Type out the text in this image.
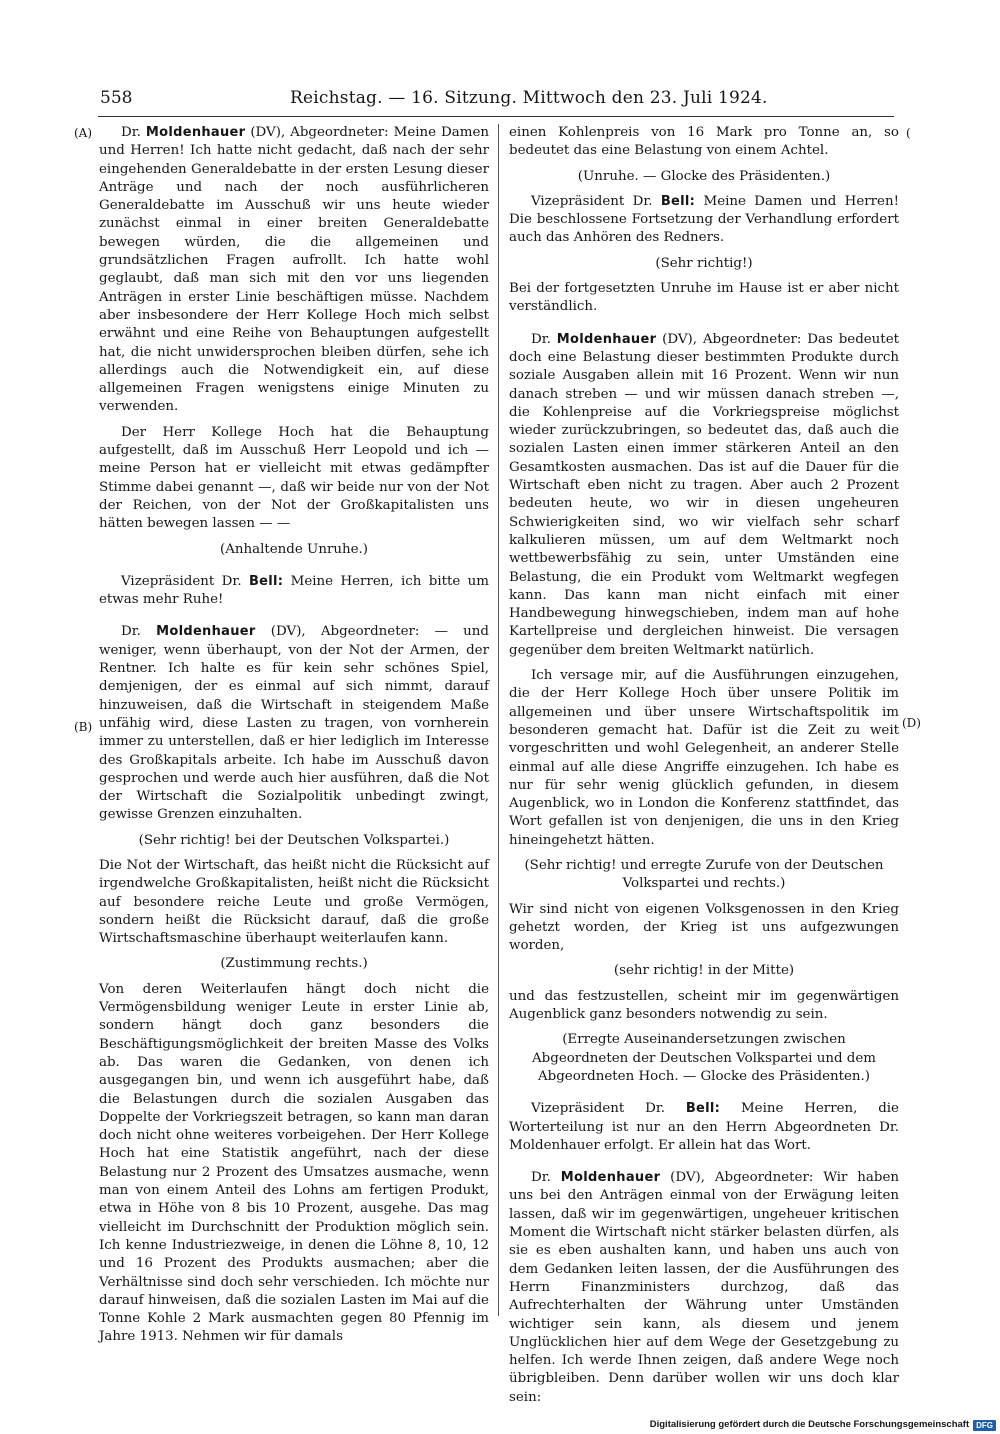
558	Reichstag. — 16. Sitzung. Mittwoch den 23. Juli 1924.
(A)
(B)
(
(D)

Dr. Moldenhauer (DV), Abgeordneter: Meine Damen und Herren! Ich hatte nicht gedacht, daß nach der sehr eingehenden Generaldebatte in der ersten Lesung dieser Anträge und nach der noch ausführlicheren Generaldebatte im Ausschuß wir uns heute wieder zunächst einmal in einer breiten Generaldebatte bewegen würden, die die allgemeinen und grundsätzlichen Fragen aufrollt. Ich hatte wohl geglaubt, daß man sich mit den vor uns liegenden Anträgen in erster Linie beschäftigen müsse. Nachdem aber insbesondere der Herr Kollege Hoch mich selbst erwähnt und eine Reihe von Behauptungen aufgestellt hat, die nicht unwidersprochen bleiben dürfen, sehe ich allerdings auch die Notwendigkeit ein, auf diese allgemeinen Fragen wenigstens einige Minuten zu verwenden.

Der Herr Kollege Hoch hat die Behauptung aufgestellt, daß im Ausschuß Herr Leopold und ich — meine Person hat er vielleicht mit etwas gedämpfter Stimme dabei genannt —, daß wir beide nur von der Not der Reichen, von der Not der Großkapitalisten uns hätten bewegen lassen — —

(Anhaltende Unruhe.)

Vizepräsident Dr. Bell: Meine Herren, ich bitte um etwas mehr Ruhe!

Dr. Moldenhauer (DV), Abgeordneter: — und weniger, wenn überhaupt, von der Not der Armen, der Rentner. Ich halte es für kein sehr schönes Spiel, demjenigen, der es einmal auf sich nimmt, darauf hinzuweisen, daß die Wirtschaft in steigendem Maße unfähig wird, diese Lasten zu tragen, von vornherein immer zu unterstellen, daß er hier lediglich im Interesse des Großkapitals arbeite. Ich habe im Ausschuß davon gesprochen und werde auch hier ausführen, daß die Not der Wirtschaft die Sozialpolitik unbedingt zwingt, gewisse Grenzen einzuhalten.

(Sehr richtig! bei der Deutschen Volkspartei.)

Die Not der Wirtschaft, das heißt nicht die Rücksicht auf irgendwelche Großkapitalisten, heißt nicht die Rücksicht auf besondere reiche Leute und große Vermögen, sondern heißt die Rücksicht darauf, daß die große Wirtschaftsmaschine überhaupt weiterlaufen kann.

(Zustimmung rechts.)

Von deren Weiterlaufen hängt doch nicht die Vermögensbildung weniger Leute in erster Linie ab, sondern hängt doch ganz besonders die Beschäftigungsmöglichkeit der breiten Masse des Volks ab. Das waren die Gedanken, von denen ich ausgegangen bin, und wenn ich ausgeführt habe, daß die Belastungen durch die sozialen Ausgaben das Doppelte der Vorkriegszeit betragen, so kann man daran doch nicht ohne weiteres vorbeigehen. Der Herr Kollege Hoch hat eine Statistik angeführt, nach der diese Belastung nur 2 Prozent des Umsatzes ausmache, wenn man von einem Anteil des Lohns am fertigen Produkt, etwa in Höhe von 8 bis 10 Prozent, ausgehe. Das mag vielleicht im Durchschnitt der Produktion möglich sein. Ich kenne Industriezweige, in denen die Löhne 8, 10, 12 und 16 Prozent des Produkts ausmachen; aber die Verhältnisse sind doch sehr verschieden. Ich möchte nur darauf hinweisen, daß die sozialen Lasten im Mai auf die Tonne Kohle 2 Mark ausmachten gegen 80 Pfennig im Jahre 1913. Nehmen wir für damals

einen Kohlenpreis von 16 Mark pro Tonne an, so bedeutet das eine Belastung von einem Achtel.

(Unruhe. — Glocke des Präsidenten.)

Vizepräsident Dr. Bell: Meine Damen und Herren! Die beschlossene Fortsetzung der Verhandlung erfordert auch das Anhören des Redners.

(Sehr richtig!)

Bei der fortgesetzten Unruhe im Hause ist er aber nicht verständlich.

Dr. Moldenhauer (DV), Abgeordneter: Das bedeutet doch eine Belastung dieser bestimmten Produkte durch soziale Ausgaben allein mit 16 Prozent. Wenn wir nun danach streben — und wir müssen danach streben —, die Kohlenpreise auf die Vorkriegspreise möglichst wieder zurückzubringen, so bedeutet das, daß auch die sozialen Lasten einen immer stärkeren Anteil an den Gesamtkosten ausmachen. Das ist auf die Dauer für die Wirtschaft eben nicht zu tragen. Aber auch 2 Prozent bedeuten heute, wo wir in diesen ungeheuren Schwierigkeiten sind, wo wir vielfach sehr scharf kalkulieren müssen, um auf dem Weltmarkt noch wettbewerbsfähig zu sein, unter Umständen eine Belastung, die ein Produkt vom Weltmarkt wegfegen kann. Das kann man nicht einfach mit einer Handbewegung hinwegschieben, indem man auf hohe Kartellpreise und dergleichen hinweist. Die versagen gegenüber dem breiten Weltmarkt natürlich.

Ich versage mir, auf die Ausführungen einzugehen, die der Herr Kollege Hoch über unsere Politik im allgemeinen und über unsere Wirtschaftspolitik im besonderen gemacht hat. Dafür ist die Zeit zu weit vorgeschritten und wohl Gelegenheit, an anderer Stelle einmal auf alle diese Angriffe einzugehen. Ich habe es nur für sehr wenig glücklich gefunden, in diesem Augenblick, wo in London die Konferenz stattfindet, das Wort gefallen ist von denjenigen, die uns in den Krieg hineingehetzt hätten.

(Sehr richtig! und erregte Zurufe von der Deutschen Volkspartei und rechts.)

Wir sind nicht von eigenen Volksgenossen in den Krieg gehetzt worden, der Krieg ist uns aufgezwungen worden,

(sehr richtig! in der Mitte)

und das festzustellen, scheint mir im gegenwärtigen Augenblick ganz besonders notwendig zu sein.

(Erregte Auseinandersetzungen zwischen Abgeordneten der Deutschen Volkspartei und dem Abgeordneten Hoch. — Glocke des Präsidenten.)

Vizepräsident Dr. Bell: Meine Herren, die Worterteilung ist nur an den Herrn Abgeordneten Dr. Moldenhauer erfolgt. Er allein hat das Wort.

Dr. Moldenhauer (DV), Abgeordneter: Wir haben uns bei den Anträgen einmal von der Erwägung leiten lassen, daß wir im gegenwärtigen, ungeheuer kritischen Moment die Wirtschaft nicht stärker belasten dürfen, als sie es eben aushalten kann, und haben uns auch von dem Gedanken leiten lassen, der die Ausführungen des Herrn Finanzministers durchzog, daß das Aufrechterhalten der Währung unter Umständen wichtiger sein kann, als diesem und jenem Unglücklichen hier auf dem Wege der Gesetzgebung zu helfen. Ich werde Ihnen zeigen, daß andere Wege noch übrigbleiben. Denn darüber wollen wir uns doch klar sein:

Digitalisierung gefördert durch die Deutsche Forschungsgemeinschaft DFG
